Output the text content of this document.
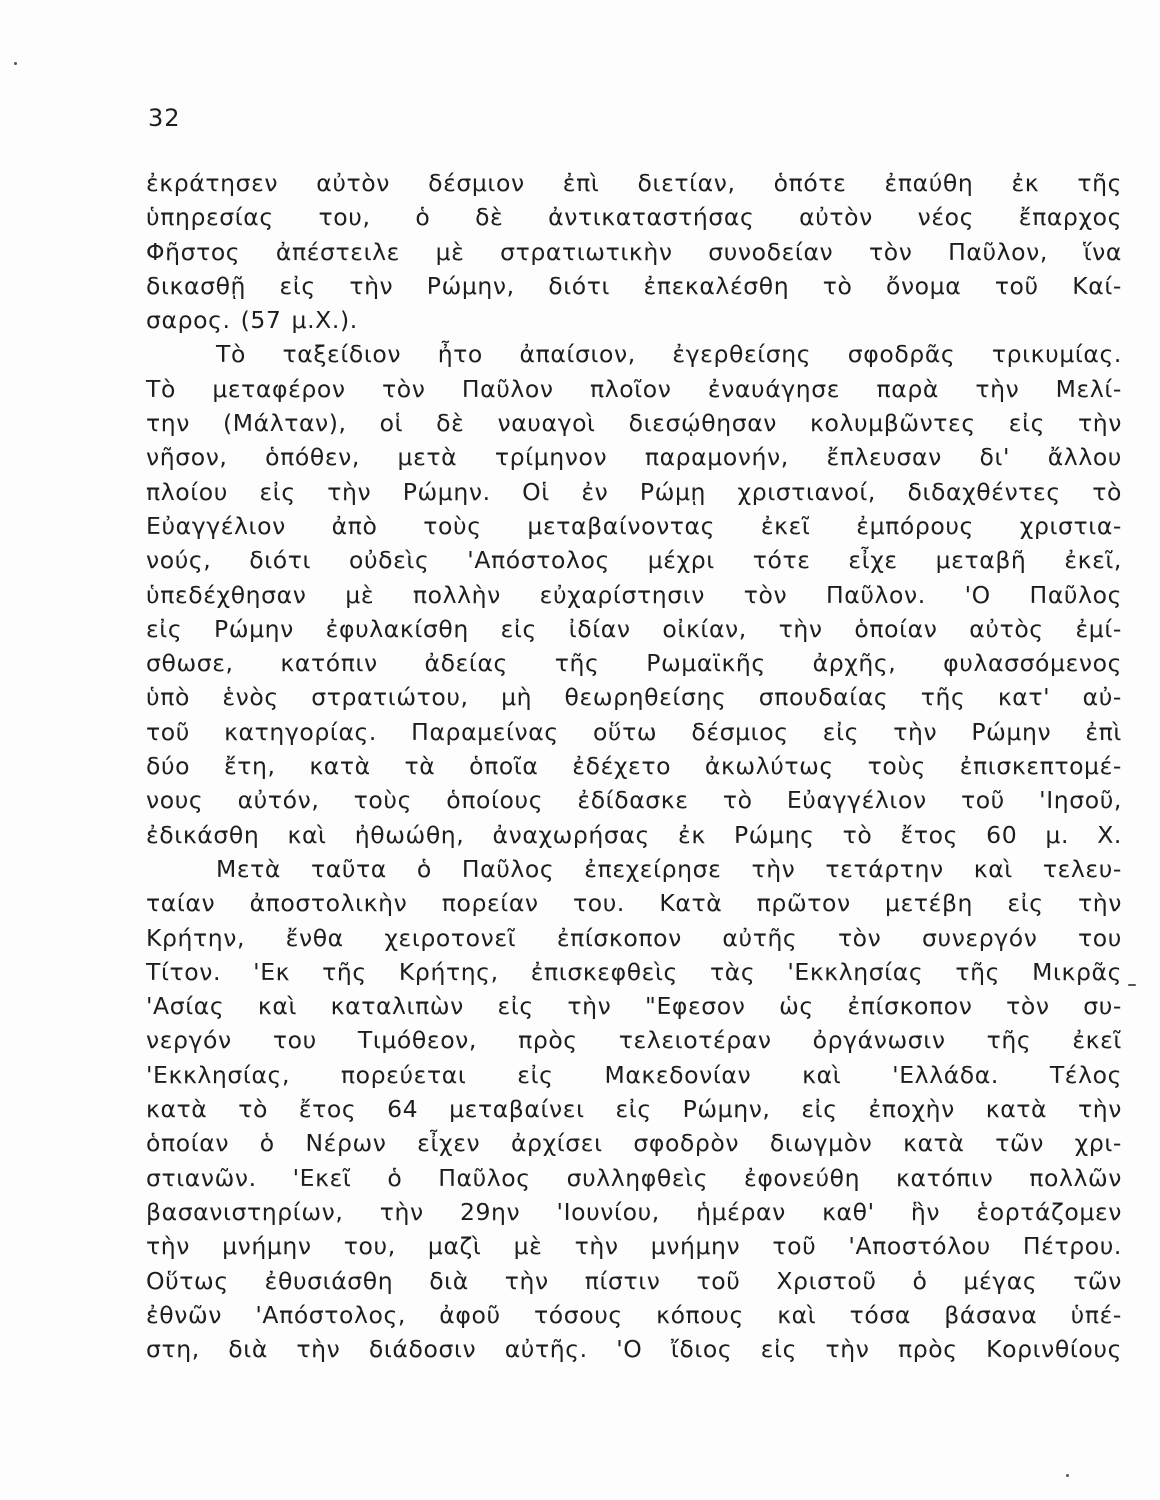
32
ἐκράτησεν αὐτὸν δέσμιον ἐπὶ διετίαν, ὁπότε ἐπαύθη ἐκ τῆς
ὑπηρεσίας του, ὁ δὲ ἀντικαταστήσας αὐτὸν νέος ἔπαρχος
Φῆστος ἀπέστειλε μὲ στρατιωτικὴν συνοδείαν τὸν Παῦλον, ἵνα
δικασθῇ εἰς τὴν Ρώμην, διότι ἐπεκαλέσθη τὸ ὄνομα τοῦ Καί-
σαρος. (57 μ.Χ.).
Τὸ ταξείδιον ἦτο ἀπαίσιον, ἐγερθείσης σφοδρᾶς τρικυμίας.
Τὸ μεταφέρον τὸν Παῦλον πλοῖον ἐναυάγησε παρὰ τὴν Μελί-
την (Μάλταν), οἱ δὲ ναυαγοὶ διεσῴθησαν κολυμβῶντες εἰς τὴν
νῆσον, ὁπόθεν, μετὰ τρίμηνον παραμονήν, ἔπλευσαν δι' ἄλλου
πλοίου εἰς τὴν Ρώμην. Οἱ ἐν Ρώμῃ χριστιανοί, διδαχθέντες τὸ
Εὐαγγέλιον ἀπὸ τοὺς μεταβαίνοντας ἐκεῖ ἐμπόρους χριστια-
νούς, διότι οὐδεὶς 'Απόστολος μέχρι τότε εἶχε μεταβῆ ἐκεῖ,
ὑπεδέχθησαν μὲ πολλὴν εὐχαρίστησιν τὸν Παῦλον. 'Ο Παῦλος
εἰς Ρώμην ἐφυλακίσθη εἰς ἰδίαν οἰκίαν, τὴν ὁποίαν αὐτὸς ἐμί-
σθωσε, κατόπιν ἀδείας τῆς Ρωμαϊκῆς ἀρχῆς, φυλασσόμενος
ὑπὸ ἑνὸς στρατιώτου, μὴ θεωρηθείσης σπουδαίας τῆς κατ' αὐ-
τοῦ κατηγορίας. Παραμείνας οὕτω δέσμιος εἰς τὴν Ρώμην ἐπὶ
δύο ἔτη, κατὰ τὰ ὁποῖα ἐδέχετο ἀκωλύτως τοὺς ἐπισκεπτομέ-
νους αὐτόν, τοὺς ὁποίους ἐδίδασκε τὸ Εὐαγγέλιον τοῦ 'Ιησοῦ,
ἐδικάσθη καὶ ἠθωώθη, ἀναχωρήσας ἐκ Ρώμης τὸ ἔτος 60 μ. Χ.
Μετὰ ταῦτα ὁ Παῦλος ἐπεχείρησε τὴν τετάρτην καὶ τελευ-
ταίαν ἀποστολικὴν πορείαν του. Κατὰ πρῶτον μετέβη εἰς τὴν
Κρήτην, ἔνθα χειροτονεῖ ἐπίσκοπον αὐτῆς τὸν συνεργόν του
Τίτον. 'Εκ τῆς Κρήτης, ἐπισκεφθεὶς τὰς 'Εκκλησίας τῆς Μικρᾶς
'Ασίας καὶ καταλιπὼν εἰς τὴν "Εφεσον ὡς ἐπίσκοπον τὸν συ-
νεργόν του Τιμόθεον, πρὸς τελειοτέραν ὀργάνωσιν τῆς ἐκεῖ
'Εκκλησίας, πορεύεται εἰς Μακεδονίαν καὶ 'Ελλάδα. Τέλος
κατὰ τὸ ἔτος 64 μεταβαίνει εἰς Ρώμην, εἰς ἐποχὴν κατὰ τὴν
ὁποίαν ὁ Νέρων εἶχεν ἀρχίσει σφοδρὸν διωγμὸν κατὰ τῶν χρι-
στιανῶν. 'Εκεῖ ὁ Παῦλος συλληφθεὶς ἐφονεύθη κατόπιν πολλῶν
βασανιστηρίων, τὴν 29ην 'Ιουνίου, ἡμέραν καθ' ἣν ἑορτάζομεν
τὴν μνήμην του, μαζὶ μὲ τὴν μνήμην τοῦ 'Αποστόλου Πέτρου.
Οὕτως ἐθυσιάσθη διὰ τὴν πίστιν τοῦ Χριστοῦ ὁ μέγας τῶν
ἐθνῶν 'Απόστολος, ἀφοῦ τόσους κόπους καὶ τόσα βάσανα ὑπέ-
στη, διὰ τὴν διάδοσιν αὐτῆς. 'Ο ἴδιος εἰς τὴν πρὸς Κορινθίους
